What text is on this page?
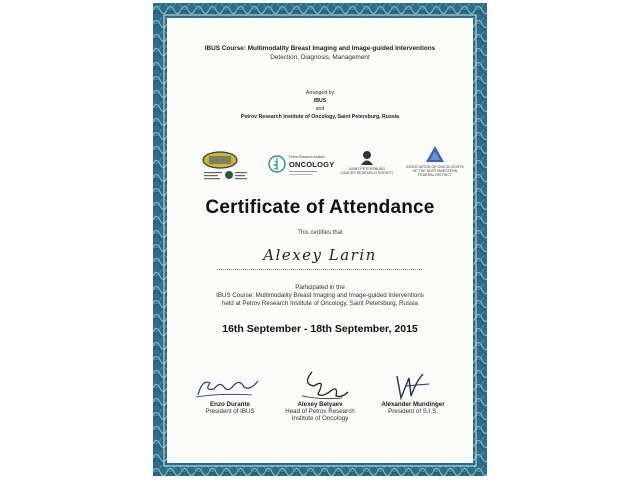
IBUS Course: Multimodality Breast Imaging and Image-guided Interventions
Detection, Diagnosis, Management
Arranged by
IBUS
and
Petrov Research Institute of Oncology, Saint Petersburg, Russia
Petrov Research Institute
ONCOLOGY	SAINT PETERSBURG
CANCER RESEARCH SOCIETY
ASSOCIATION OF ONCOLOGISTS
OF THE NORTHWESTERN
FEDERAL DISTRICT
Certificate of Attendance
This certifies that
Alexey Larin
Participated in the
IBUS Course: Multimodality Breast Imaging and Image-guided Interventions
held at Petrov Research Institute of Oncology, Saint Petersburg, Russia
16th September - 18th September, 2015
Enzo Durante
President of IBUS
Alexey Belyaev
Head of Petrov Research
Institute of Oncology
Alexander Mundinger
President of S.I.S.
